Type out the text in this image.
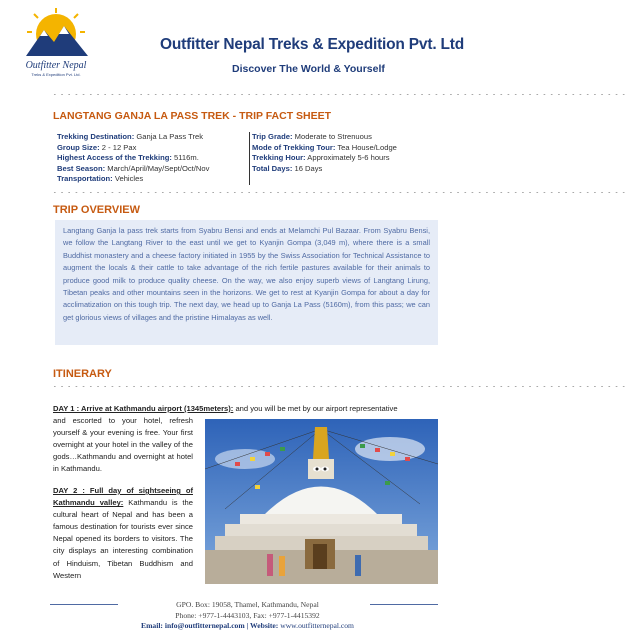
Outfitter Nepal
Treks & Expedition Pvt. Ltd.
Outfitter Nepal Treks & Expedition Pvt. Ltd
Discover The World & Yourself
- - - - - - - - - - - - - - - - - - - - - - - - - - - - - - - - - - - - - - - - - - - - - - - - - - - - - - - - - - - - - - - - - - - - - - - - - - - - - - - -
LANGTANG GANJA LA PASS TREK - TRIP FACT SHEET
Trekking Destination: Ganja La Pass Trek
Group Size: 2 - 12 Pax
Highest Access of the Trekking: 5116m.
Best Season: March/April/May/Sept/Oct/Nov
Transportation: Vehicles
Trip Grade: Moderate to Strenuous
Mode of Trekking Tour: Tea House/Lodge
Trekking Hour: Approximately 5-6 hours
Total Days: 16 Days
- - - - - - - - - - - - - - - - - - - - - - - - - - - - - - - - - - - - - - - - - - - - - - - - - - - - - - - - - - - - - - - - - - - - - - - - - - - - - - - -
TRIP OVERVIEW
Langtang Ganja la pass trek starts from Syabru Bensi and ends at Melamchi Pul Bazaar. From Syabru Bensi, we follow the Langtang River to the east until we get to Kyanjin Gompa (3,049 m), where there is a small Buddhist monastery and a cheese factory initiated in 1955 by the Swiss Association for Technical Assistance to augment the locals & their cattle to take advantage of the rich fertile pastures available for their animals to produce good milk to produce quality cheese. On the way, we also enjoy superb views of Langtang Lirung, Tibetan peaks and other mountains seen in the horizons. We get to rest at Kyanjin Gompa for about a day for acclimatization on this tough trip. The next day, we head up to Ganja La Pass (5160m), from this pass; we can get glorious views of villages and the pristine Himalayas as well.
ITINERARY
- - - - - - - - - - - - - - - - - - - - - - - - - - - - - - - - - - - - - - - - - - - - - - - - - - - - - - - - - - - - - - - - - - - - - - - - - - - - - - - -
DAY 1 : Arrive at Kathmandu airport (1345meters): and you will be met by our airport representative
and escorted to your hotel, refresh yourself & your evening is free. Your first overnight at your hotel in the valley of the gods…Kathmandu and overnight at hotel in Kathmandu.
DAY 2 : Full day of sightseeing of Kathmandu valley: Kathmandu is the cultural heart of Nepal and has been a famous destination for tourists ever since Nepal opened its borders to visitors. The city displays an interesting combination of Hinduism, Tibetan Buddhism and Western
GPO. Box: 19058, Thamel, Kathmandu, Nepal
Phone: +977-1-4443103, Fax: +977-1-4415392
Email: info@outfitternepal.com | Website: www.outfitternepal.com
